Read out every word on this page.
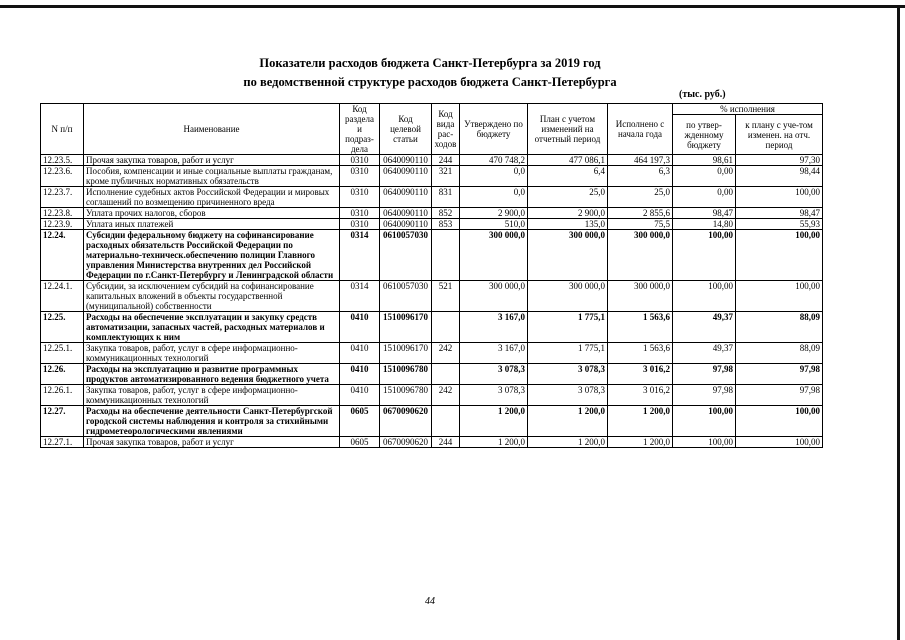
Показатели расходов бюджета Санкт-Петербурга за 2019 год
по ведомственной структуре расходов бюджета Санкт-Петербурга
(тыс. руб.)
N п/п	Наименование	Код раздела и подраз-дела	Код целевой статьи	Код вида рас-ходов	Утверждено по бюджету	План с учетом изменений на отчетный период	Исполнено с начала года	% исполнения	
								по утвер-жденному бюджету	к плану с уче-том изменен. на отч. период
12.23.5.	Прочая закупка товаров, работ и услуг	0310	0640090110	244	470 748,2	477 086,1	464 197,3	98,61	97,30
12.23.6.	Пособия, компенсации и иные социальные выплаты гражданам, кроме публичных нормативных обязательств	0310	0640090110	321	0,0	6,4	6,3	0,00	98,44
12.23.7.	Исполнение судебных актов Российской Федерации и мировых соглашений по возмещению причиненного вреда	0310	0640090110	831	0,0	25,0	25,0	0,00	100,00
12.23.8.	Уплата прочих налогов, сборов	0310	0640090110	852	2 900,0	2 900,0	2 855,6	98,47	98,47
12.23.9.	Уплата иных платежей	0310	0640090110	853	510,0	135,0	75,5	14,80	55,93
12.24.	Субсидии федеральному бюджету на софинансирование расходных обязательств Российской Федерации по материально-техническ.обеспечению полиции Главного управления Министерства внутренних дел Российской Федерации по г.Санкт-Петербургу и Ленинградской области	0314	0610057030		300 000,0	300 000,0	300 000,0	100,00	100,00
12.24.1.	Субсидии, за исключением субсидий на софинансирование капитальных вложений в объекты государственной (муниципальной) собственности	0314	0610057030	521	300 000,0	300 000,0	300 000,0	100,00	100,00
12.25.	Расходы на обеспечение эксплуатации и закупку средств автоматизации, запасных частей, расходных материалов и комплектующих к ним	0410	1510096170		3 167,0	1 775,1	1 563,6	49,37	88,09
12.25.1.	Закупка товаров, работ, услуг в сфере информационно-коммуникационных технологий	0410	1510096170	242	3 167,0	1 775,1	1 563,6	49,37	88,09
12.26.	Расходы на эксплуатацию и развитие программных продуктов автоматизированного ведения бюджетного учета	0410	1510096780		3 078,3	3 078,3	3 016,2	97,98	97,98
12.26.1.	Закупка товаров, работ, услуг в сфере информационно-коммуникационных технологий	0410	1510096780	242	3 078,3	3 078,3	3 016,2	97,98	97,98
12.27.	Расходы на обеспечение деятельности Санкт-Петербургской городской системы наблюдения и контроля за стихийными гидрометеорологическими явлениями	0605	0670090620		1 200,0	1 200,0	1 200,0	100,00	100,00
12.27.1.	Прочая закупка товаров, работ и услуг	0605	0670090620	244	1 200,0	1 200,0	1 200,0	100,00	100,00
44
